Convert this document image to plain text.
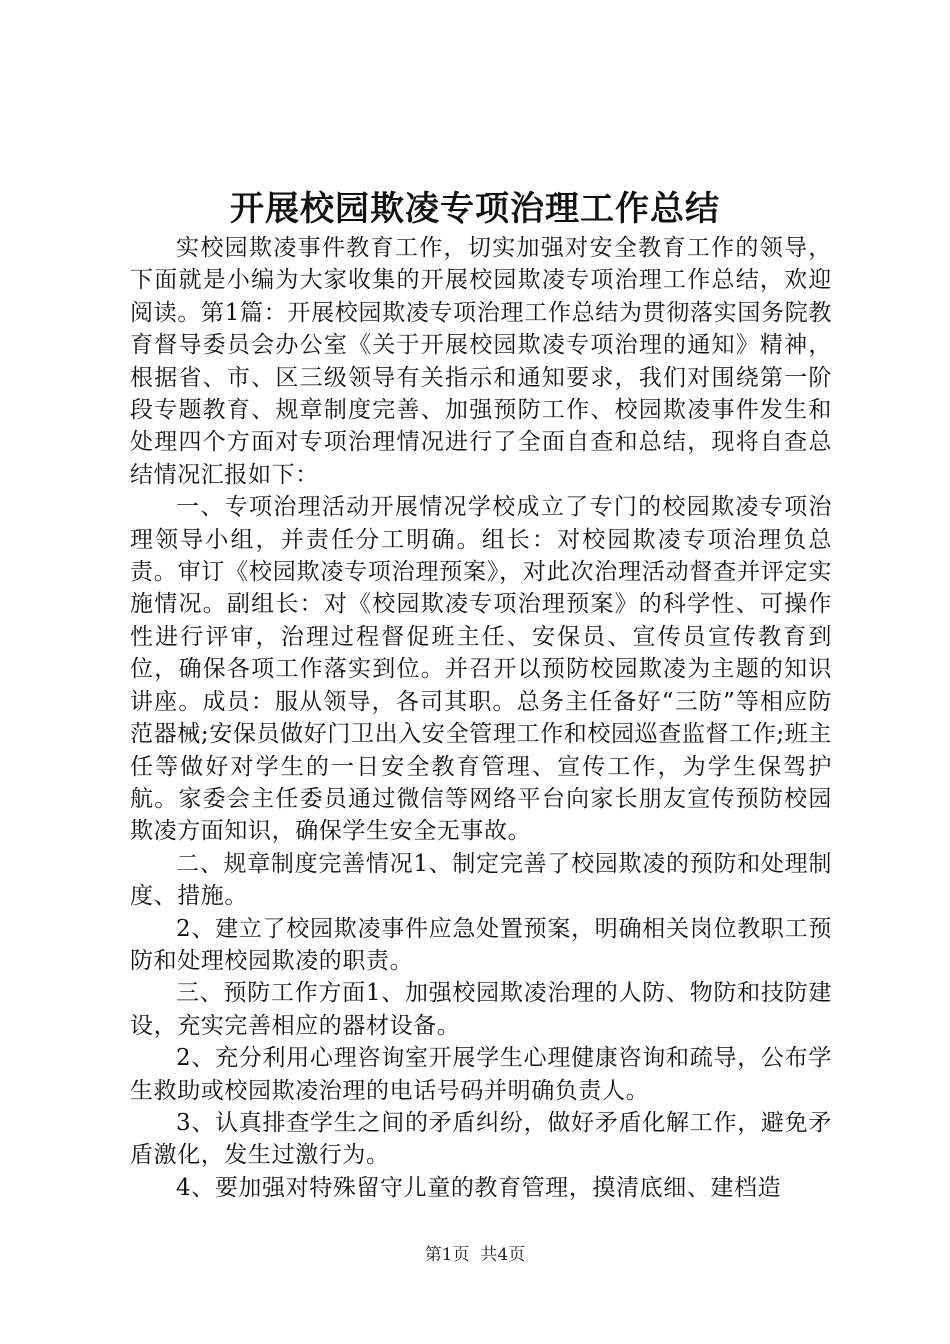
开展校园欺凌专项治理工作总结

实校园欺凌事件教育工作，切实加强对安全教育工作的领导，下面就是小编为大家收集的开展校园欺凌专项治理工作总结，欢迎阅读。第1篇：开展校园欺凌专项治理工作总结为贯彻落实国务院教育督导委员会办公室《关于开展校园欺凌专项治理的通知》精神，根据省、市、区三级领导有关指示和通知要求，我们对围绕第一阶段专题教育、规章制度完善、加强预防工作、校园欺凌事件发生和处理四个方面对专项治理情况进行了全面自查和总结，现将自查总结情况汇报如下：

一、专项治理活动开展情况学校成立了专门的校园欺凌专项治理领导小组，并责任分工明确。组长：对校园欺凌专项治理负总责。审订《校园欺凌专项治理预案》，对此次治理活动督查并评定实施情况。副组长：对《校园欺凌专项治理预案》的科学性、可操作性进行评审，治理过程督促班主任、安保员、宣传员宣传教育到位，确保各项工作落实到位。并召开以预防校园欺凌为主题的知识讲座。成员：服从领导，各司其职。总务主任备好“三防”等相应防范器械;安保员做好门卫出入安全管理工作和校园巡查监督工作;班主任等做好对学生的一日安全教育管理、宣传工作，为学生保驾护航。家委会主任委员通过微信等网络平台向家长朋友宣传预防校园欺凌方面知识，确保学生安全无事故。

二、规章制度完善情况1、制定完善了校园欺凌的预防和处理制度、措施。

2、建立了校园欺凌事件应急处置预案，明确相关岗位教职工预防和处理校园欺凌的职责。

三、预防工作方面1、加强校园欺凌治理的人防、物防和技防建设，充实完善相应的器材设备。

2、充分利用心理咨询室开展学生心理健康咨询和疏导，公布学生救助或校园欺凌治理的电话号码并明确负责人。

3、认真排查学生之间的矛盾纠纷，做好矛盾化解工作，避免矛盾激化，发生过激行为。

4、要加强对特殊留守儿童的教育管理，摸清底细、建档造

第1页 共4页
